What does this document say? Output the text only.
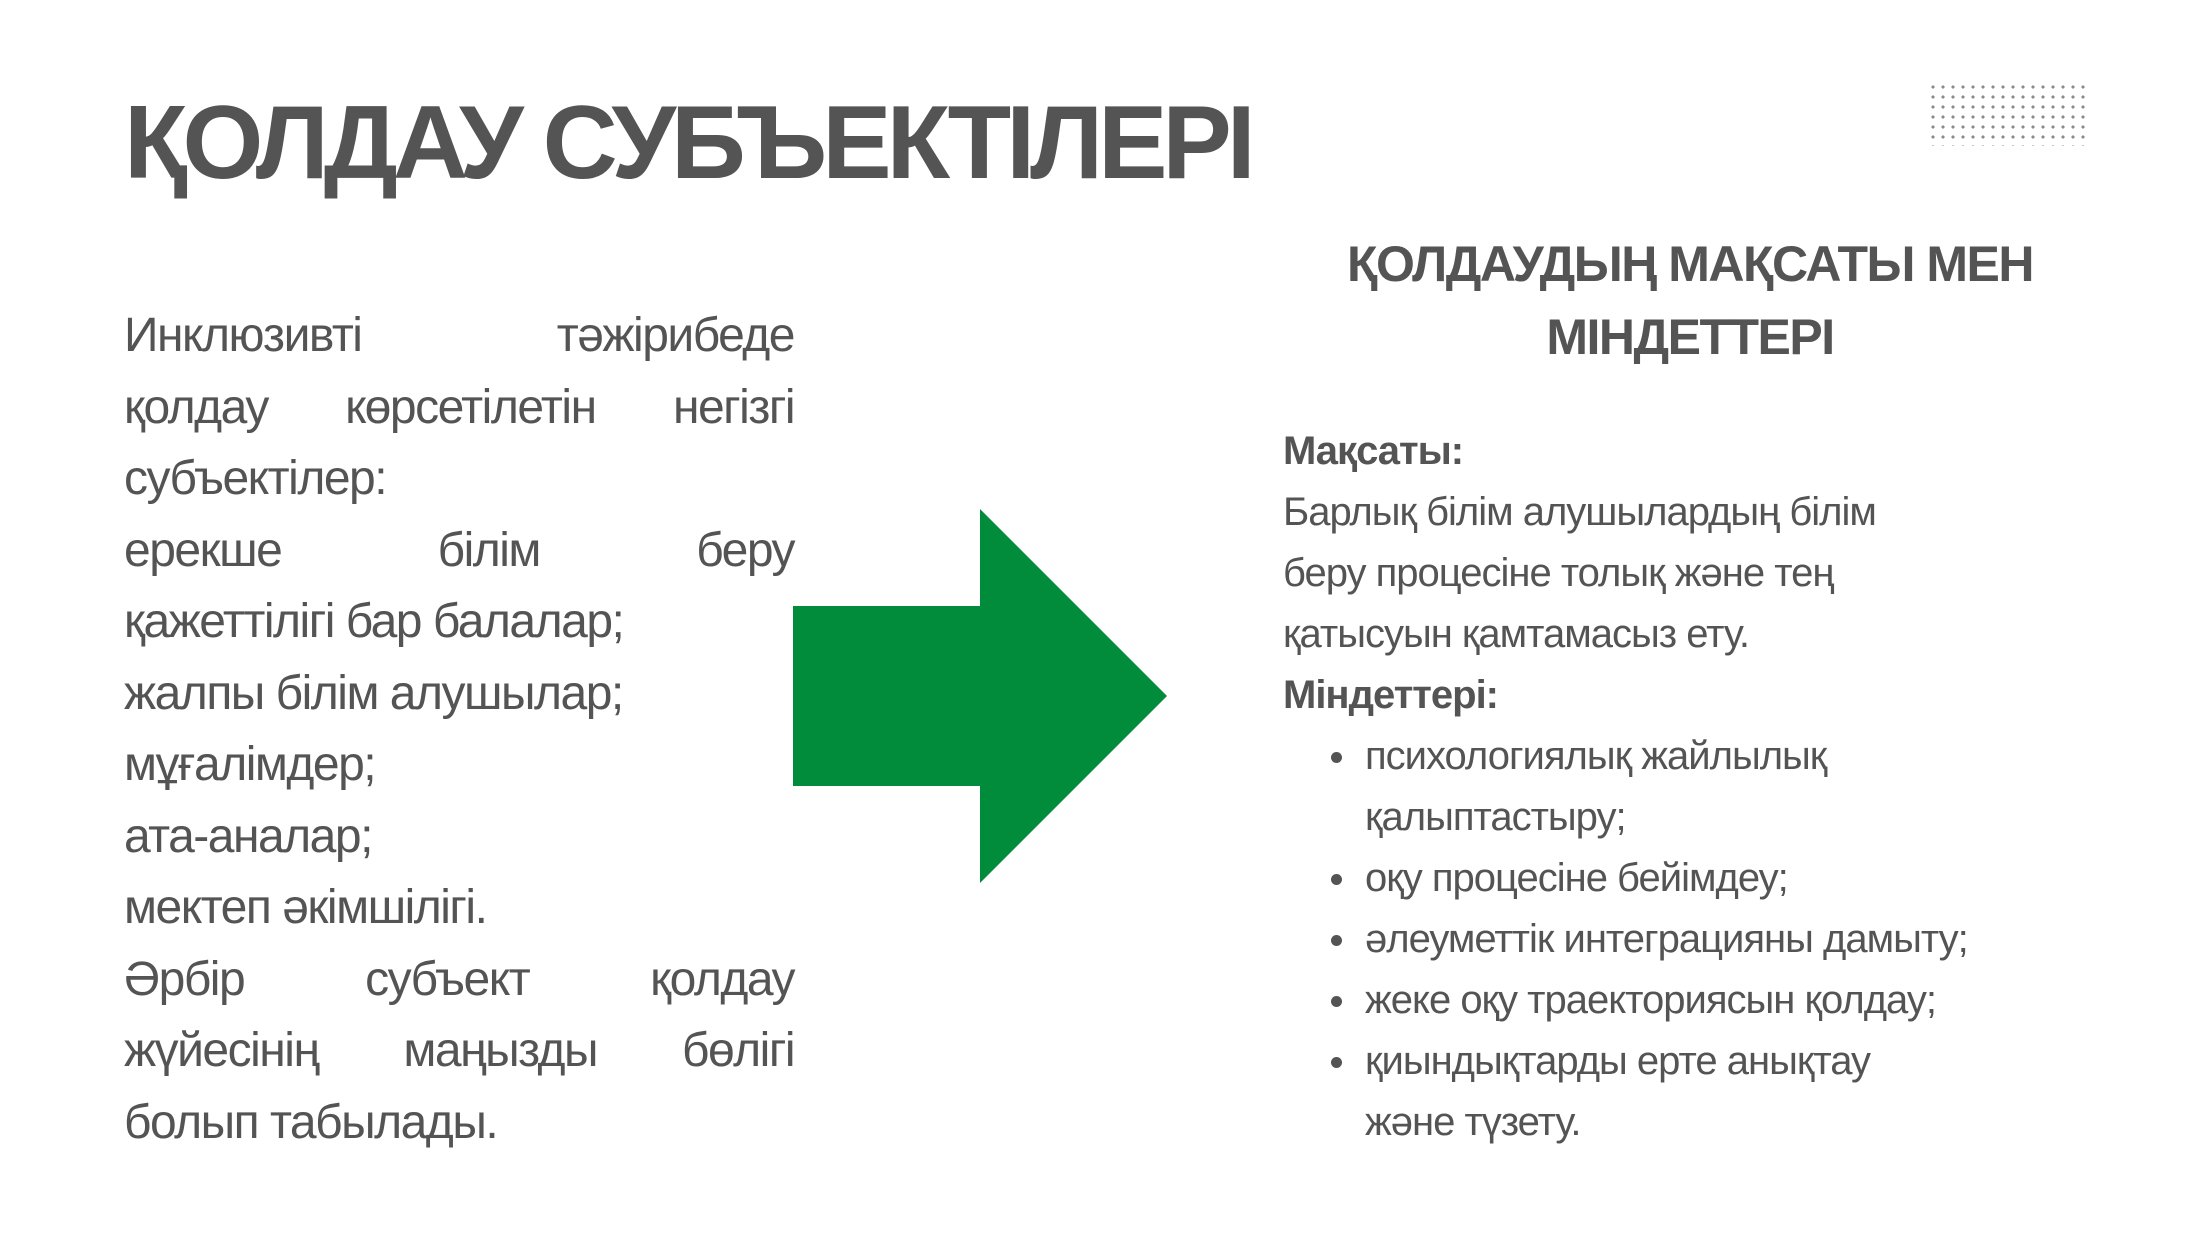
ҚОЛДАУ СУБЪЕКТІЛЕРІ
Инклюзивті тәжірибеде
қолдау көрсетілетін негізгі
субъектілер:
ерекше білім беру
қажеттілігі бар балалар;
жалпы білім алушылар;
мұғалімдер;
ата-аналар;
мектеп әкімшілігі.
Әрбір субъект қолдау
жүйесінің маңызды бөлігі
болып табылады.
ҚОЛДАУДЫҢ МАҚСАТЫ МЕН
МІНДЕТТЕРІ
Мақсаты:
Барлық білім алушылардың білім
беру процесіне толық және тең
қатысуын қамтамасыз ету.
Міндеттері:
психологиялық жайлылық
қалыптастыру;
оқу процесіне бейімдеу;
әлеуметтік интеграцияны дамыту;
жеке оқу траекториясын қолдау;
қиындықтарды ерте анықтау
және түзету.
